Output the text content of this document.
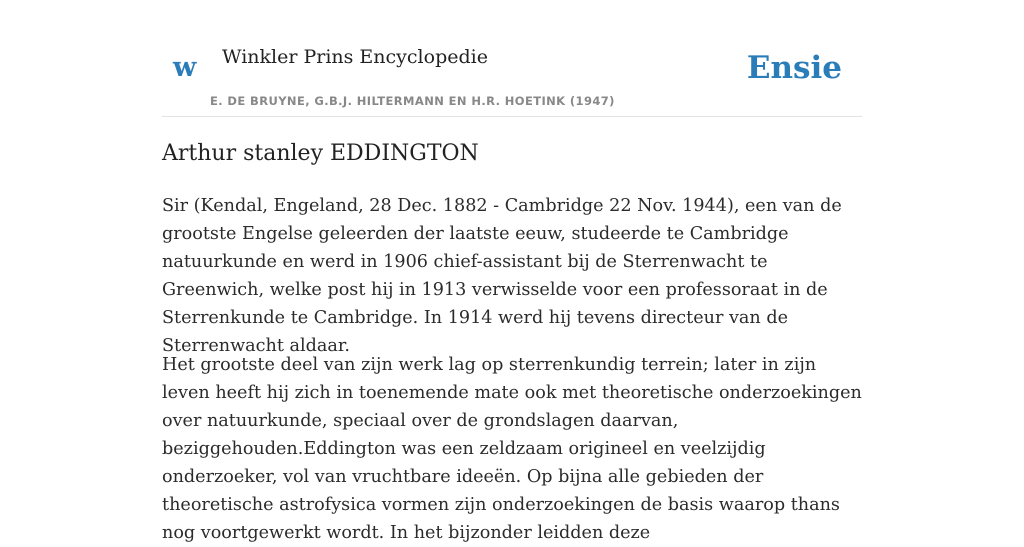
w Winkler Prins Encyclopedie
E. DE BRUYNE, G.B.J. HILTERMANN EN H.R. HOETINK (1947)
Ensie
Arthur stanley EDDINGTON

Sir (Kendal, Engeland, 28 Dec. 1882 - Cambridge 22 Nov. 1944), een van de grootste Engelse geleerden der laatste eeuw, studeerde te Cambridge natuurkunde en werd in 1906 chief-assistant bij de Sterrenwacht te Greenwich, welke post hij in 1913 verwisselde voor een professoraat in de Sterrenkunde te Cambridge. In 1914 werd hij tevens directeur van de Sterrenwacht aldaar.

Het grootste deel van zijn werk lag op sterrenkundig terrein; later in zijn leven heeft hij zich in toenemende mate ook met theoretische onderzoekingen over natuurkunde, speciaal over de grondslagen daarvan, beziggehouden.Eddington was een zeldzaam origineel en veelzijdig onderzoeker, vol van vruchtbare ideeën. Op bijna alle gebieden der theoretische astrofysica vormen zijn onderzoekingen de basis waarop thans nog voortgewerkt wordt. In het bijzonder leidden deze
